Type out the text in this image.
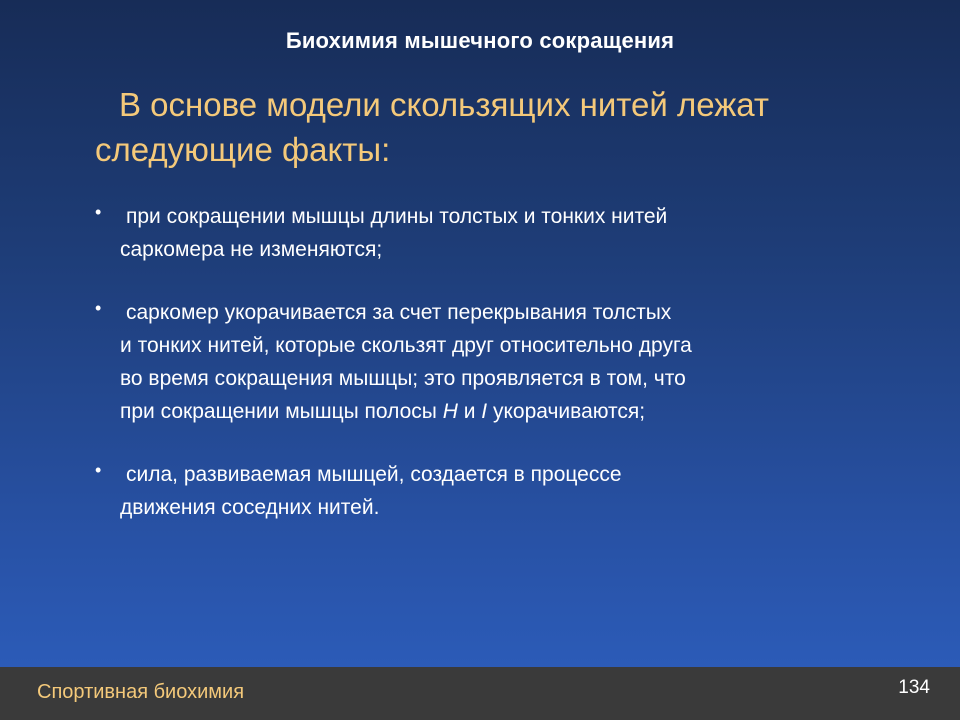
Биохимия мышечного сокращения
В основе модели скользящих нитей лежат
следующие факты:
• при сокращении мышцы длины толстых и тонких нитей
саркомера не изменяются;
• саркомер укорачивается за счет перекрывания толстых
и тонких нитей, которые скользят друг относительно друга
во время сокращения мышцы; это проявляется в том, что
при сокращении мышцы полосы Н и I укорачиваются;
• сила, развиваемая мышцей, создается в процессе
движения соседних нитей.
Спортивная биохимия	134
